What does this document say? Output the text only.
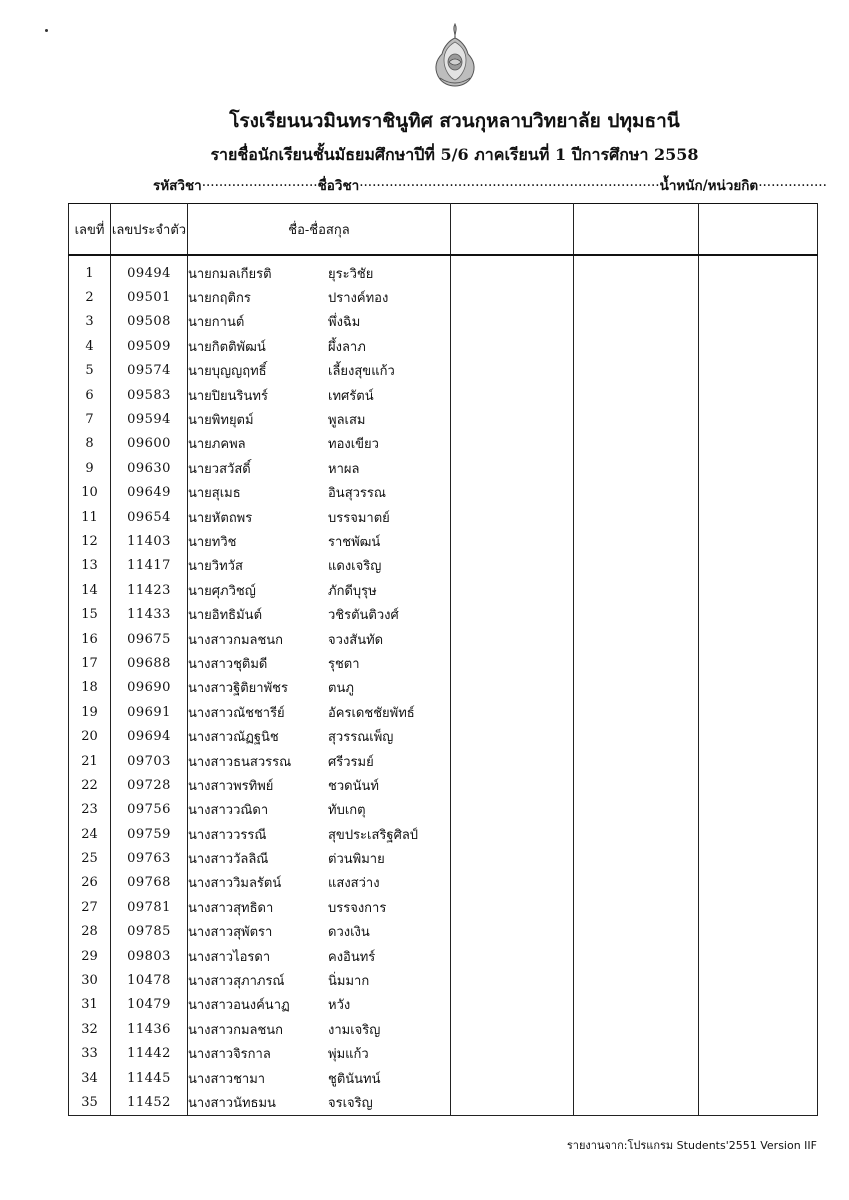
โรงเรียนนวมินทราชินูทิศ สวนกุหลาบวิทยาลัย ปทุมธานี
รายชื่อนักเรียนชั้นมัธยมศึกษาปีที่ 5/6 ภาคเรียนที่ 1 ปีการศึกษา 2558
รหัสวิชา ........................... ชื่อวิชา ...................................................................... น้ำหนัก/หน่วยกิต ................
เลขที่	เลขประจำตัว	ชื่อ-ชื่อสกุล			

1	09494	นายกมลเกียรติ ยุระวิชัย			
2	09501	นายกฤติกร ปรางค์ทอง			
3	09508	นายกานต์ พึ่งฉิม			
4	09509	นายกิตติพัฒน์ ผึ้งลาภ			
5	09574	นายบุญญฤทธิ์ เลี้ยงสุขแก้ว			
6	09583	นายปิยนรินทร์ เทศรัตน์			
7	09594	นายพิทยุตม์ พูลเสม			
8	09600	นายภคพล ทองเขียว			
9	09630	นายวสวัสดิ์ หาผล			
10	09649	นายสุเมธ อินสุวรรณ			
11	09654	นายหัตถพร บรรจมาตย์			
12	11403	นายทวิช ราชพัฒน์			
13	11417	นายวิทวัส แดงเจริญ			
14	11423	นายศุภวิชญ์ ภักดีบุรุษ			
15	11433	นายอิทธิมันต์ วชิรตันติวงศ์			
16	09675	นางสาวกมลชนก จวงสันทัด			
17	09688	นางสาวชุติมดี รุชตา			
18	09690	นางสาวฐิติยาพัชร ตนภู			
19	09691	นางสาวณัชชารีย์ อัครเดชชัยพัทธ์			
20	09694	นางสาวณัฏฐนิช สุวรรณเพ็ญ			
21	09703	นางสาวธนสวรรณ ศรีวรมย์			
22	09728	นางสาวพรทิพย์ ชวดนันท์			
23	09756	นางสาววณิดา ทับเกตุ			
24	09759	นางสาววรรณี สุขประเสริฐศิลป์			
25	09763	นางสาววัลลิณี ต่วนพิมาย			
26	09768	นางสาววิมลรัตน์ แสงสว่าง			
27	09781	นางสาวสุทธิดา บรรจงการ			
28	09785	นางสาวสุพัตรา ดวงเงิน			
29	09803	นางสาวไอรดา คงอินทร์			
30	10478	นางสาวสุภาภรณ์ นิ่มมาก			
31	10479	นางสาวอนงค์นาฏ หวัง			
32	11436	นางสาวกมลชนก งามเจริญ			
33	11442	นางสาวจิรกาล พุ่มแก้ว			
34	11445	นางสาวชามา ชูตินันทน์			
35	11452	นางสาวนัทธมน จรเจริญ			
รายงานจาก:โปรแกรม Students'2551 Version IIF
